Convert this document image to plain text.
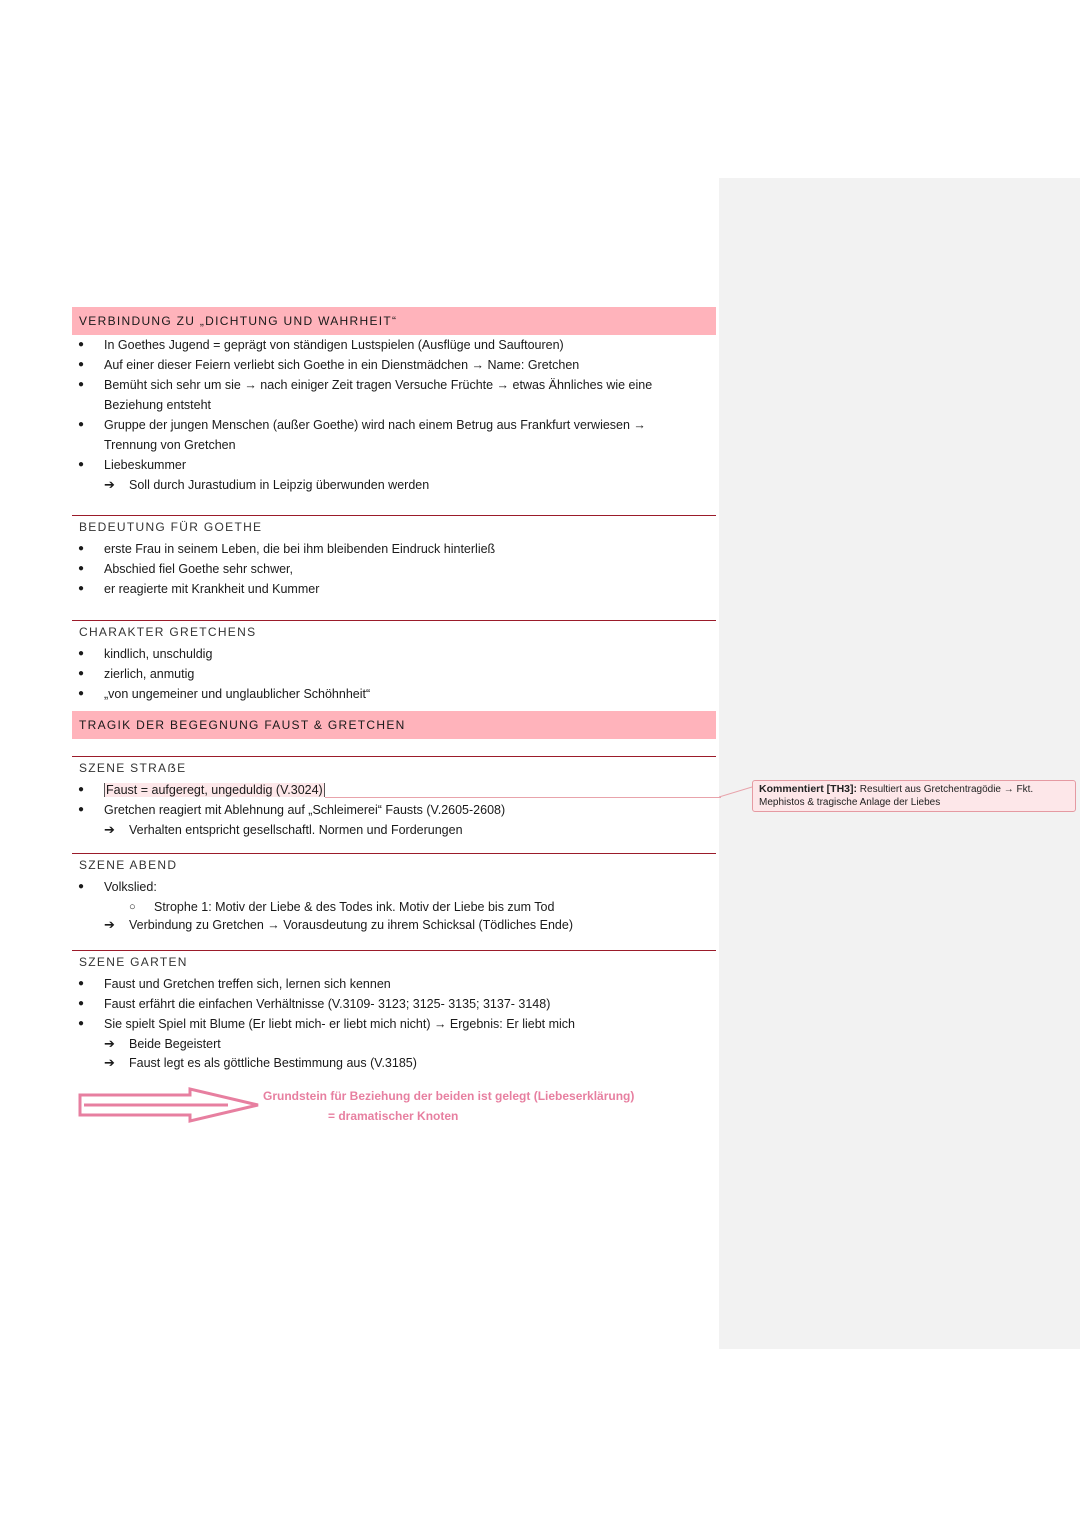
VERBINDUNG ZU „DICHTUNG UND WAHRHEIT“
● In Goethes Jugend = geprägt von ständigen Lustspielen (Ausflüge und Sauftouren)
● Auf einer dieser Feiern verliebt sich Goethe in ein Dienstmädchen → Name: Gretchen
● Bemüht sich sehr um sie → nach einiger Zeit tragen Versuche Früchte → etwas Ähnliches wie eine
Beziehung entsteht
● Gruppe der jungen Menschen (außer Goethe) wird nach einem Betrug aus Frankfurt verwiesen →
Trennung von Gretchen
● Liebeskummer
➔ Soll durch Jurastudium in Leipzig überwunden werden
BEDEUTUNG FÜR GOETHE
● erste Frau in seinem Leben, die bei ihm bleibenden Eindruck hinterließ
● Abschied fiel Goethe sehr schwer,
● er reagierte mit Krankheit und Kummer
CHARAKTER GRETCHENS
● kindlich, unschuldig
● zierlich, anmutig
● „von ungemeiner und unglaublicher Schöhnheit“
TRAGIK DER BEGEGNUNG FAUST & GRETCHEN
SZENE STRAẞE
● Faust = aufgeregt, ungeduldig (V.3024)
● Gretchen reagiert mit Ablehnung auf „Schleimerei“ Fausts (V.2605-2608)
➔ Verhalten entspricht gesellschaftl. Normen und Forderungen
SZENE ABEND
● Volkslied:
○ Strophe 1: Motiv der Liebe & des Todes ink. Motiv der Liebe bis zum Tod
➔ Verbindung zu Gretchen → Vorausdeutung zu ihrem Schicksal (Tödliches Ende)
SZENE GARTEN
● Faust und Gretchen treffen sich, lernen sich kennen
● Faust erfährt die einfachen Verhältnisse (V.3109- 3123; 3125- 3135; 3137- 3148)
● Sie spielt Spiel mit Blume (Er liebt mich- er liebt mich nicht) → Ergebnis: Er liebt mich
➔ Beide Begeistert
➔ Faust legt es als göttliche Bestimmung aus (V.3185)
Grundstein für Beziehung der beiden ist gelegt (Liebeserklärung)
= dramatischer Knoten
Kommentiert [TH3]: Resultiert aus Gretchentragödie → Fkt.
Mephistos & tragische Anlage der Liebes
